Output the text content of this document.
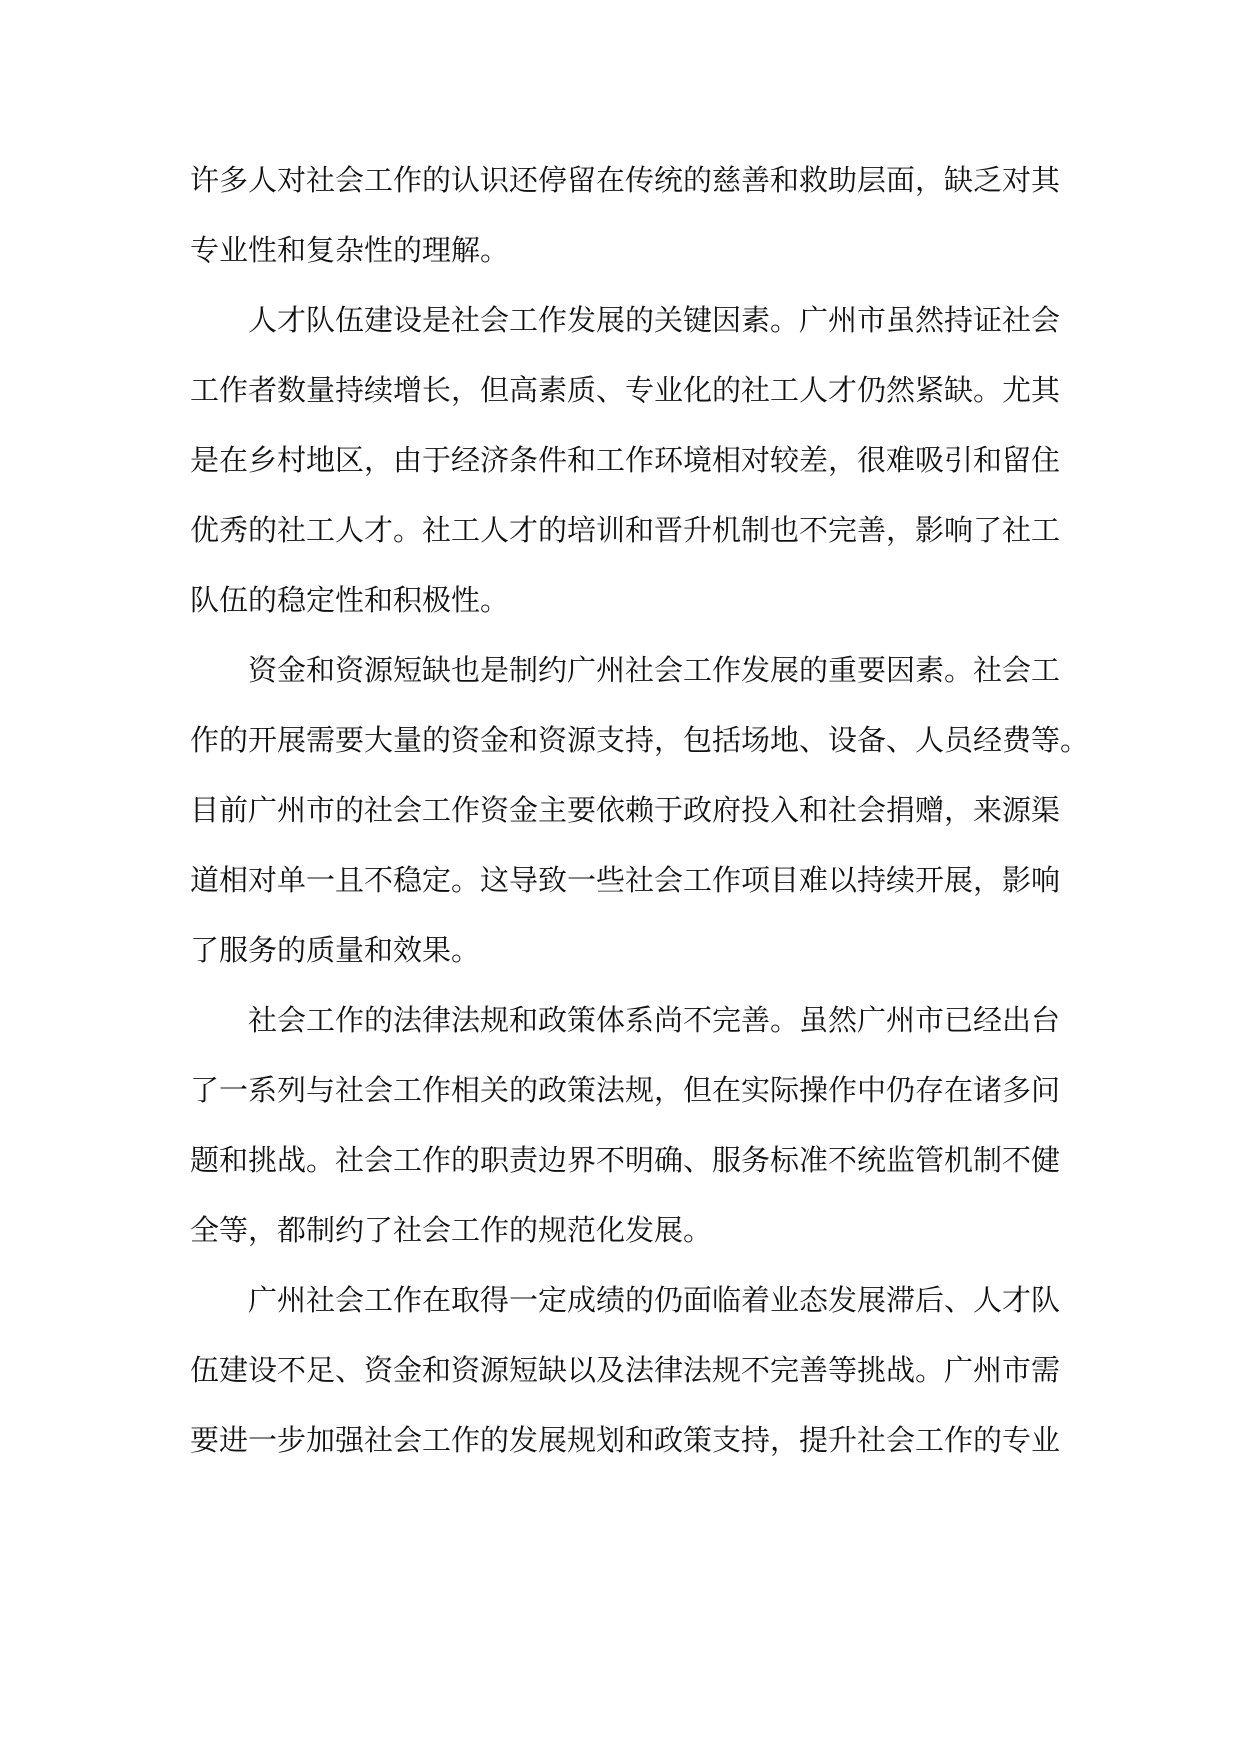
许多人对社会工作的认识还停留在传统的慈善和救助层面，缺乏对其
专业性和复杂性的理解。
人才队伍建设是社会工作发展的关键因素。广州市虽然持证社会
工作者数量持续增长，但高素质、专业化的社工人才仍然紧缺。尤其
是在乡村地区，由于经济条件和工作环境相对较差，很难吸引和留住
优秀的社工人才。社工人才的培训和晋升机制也不完善，影响了社工
队伍的稳定性和积极性。
资金和资源短缺也是制约广州社会工作发展的重要因素。社会工
作的开展需要大量的资金和资源支持，包括场地、设备、人员经费等。
目前广州市的社会工作资金主要依赖于政府投入和社会捐赠，来源渠
道相对单一且不稳定。这导致一些社会工作项目难以持续开展，影响
了服务的质量和效果。
社会工作的法律法规和政策体系尚不完善。虽然广州市已经出台
了一系列与社会工作相关的政策法规，但在实际操作中仍存在诸多问
题和挑战。社会工作的职责边界不明确、服务标准不统监管机制不健
全等，都制约了社会工作的规范化发展。
广州社会工作在取得一定成绩的仍面临着业态发展滞后、人才队
伍建设不足、资金和资源短缺以及法律法规不完善等挑战。广州市需
要进一步加强社会工作的发展规划和政策支持，提升社会工作的专业
